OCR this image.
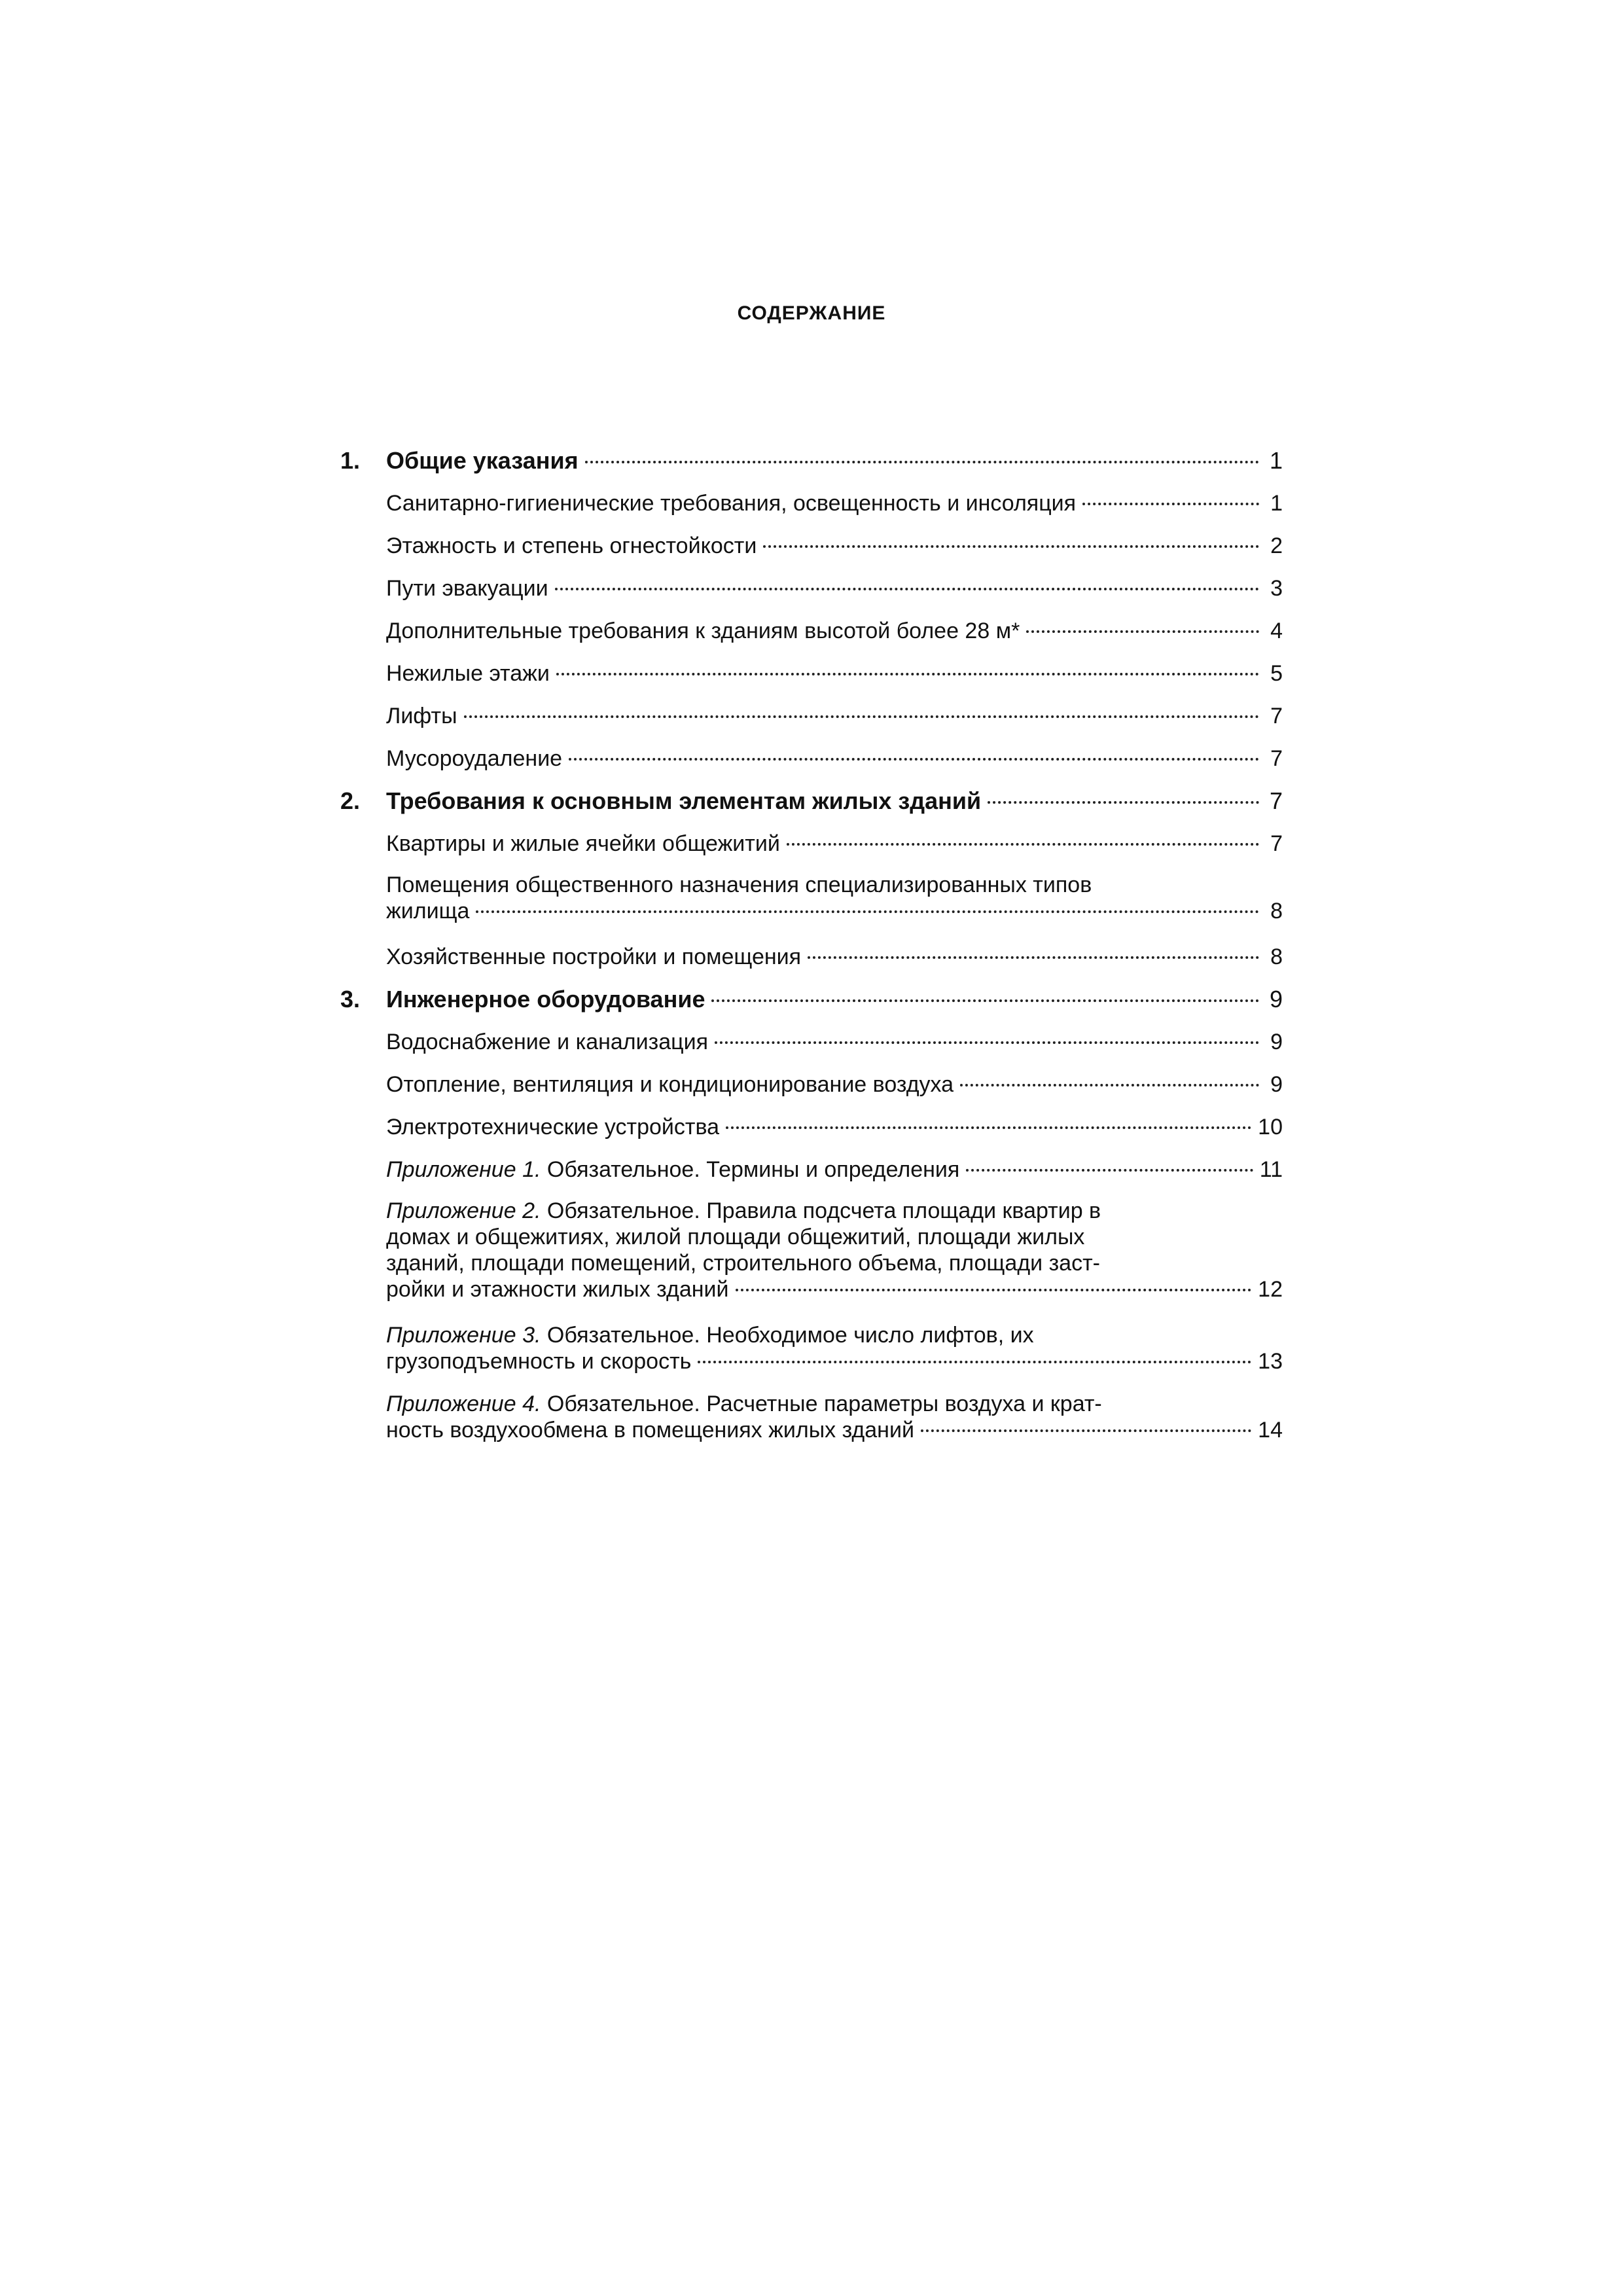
СОДЕРЖАНИЕ
1.	Общие указания	1
Санитарно-гигиенические требования, освещенность и инсоляция	1
Этажность и степень огнестойкости	2
Пути эвакуации	3
Дополнительные требования к зданиям высотой более 28 м*	4
Нежилые этажи	5
Лифты	7
Мусороудаление	7
2.	Требования к основным элементам жилых зданий	7
Квартиры и жилые ячейки общежитий	7
Помещения общественного назначения специализированных типов
жилища	8
Хозяйственные постройки и помещения	8
3.	Инженерное оборудование	9
Водоснабжение и канализация	9
Отопление, вентиляция и кондиционирование воздуха	9
Электротехнические устройства	10
Приложение 1. Обязательное. Термины и определения	11
Приложение 2. Обязательное. Правила подсчета площади квартир в
домах и общежитиях, жилой площади общежитий, площади жилых
зданий, площади помещений, строительного объема, площади заст-
ройки и этажности жилых зданий	12
Приложение 3. Обязательное. Необходимое число лифтов, их
грузоподъемность и скорость	13
Приложение 4. Обязательное. Расчетные параметры воздуха и крат-
ность воздухообмена в помещениях жилых зданий	14
